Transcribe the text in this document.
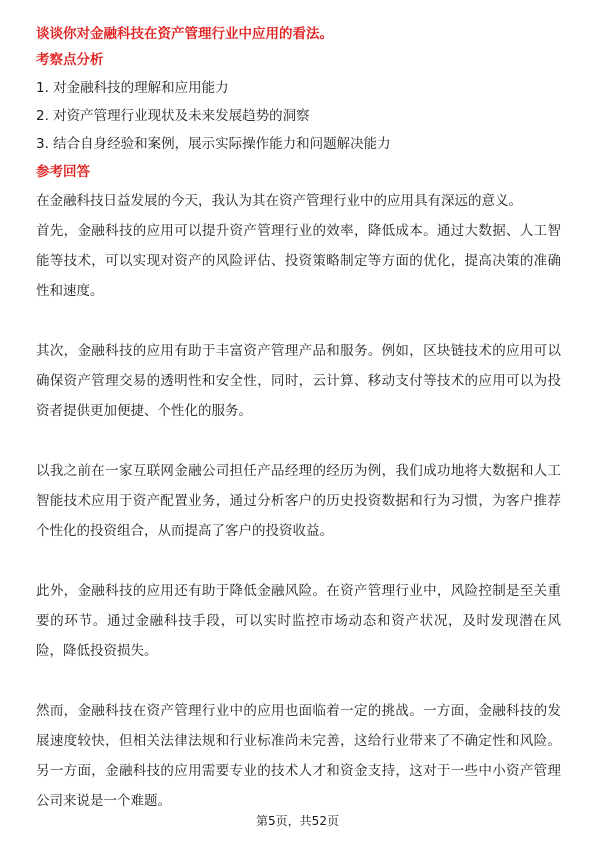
谈谈你对金融科技在资产管理行业中应用的看法。

考察点分析

1. 对金融科技的理解和应用能力
2. 对资产管理行业现状及未来发展趋势的洞察
3. 结合自身经验和案例，展示实际操作能力和问题解决能力

参考回答

在金融科技日益发展的今天，我认为其在资产管理行业中的应用具有深远的意义。

首先，金融科技的应用可以提升资产管理行业的效率，降低成本。通过大数据、人工智能等技术，可以实现对资产的风险评估、投资策略制定等方面的优化，提高决策的准确性和速度。

其次，金融科技的应用有助于丰富资产管理产品和服务。例如，区块链技术的应用可以确保资产管理交易的透明性和安全性，同时，云计算、移动支付等技术的应用可以为投资者提供更加便捷、个性化的服务。

以我之前在一家互联网金融公司担任产品经理的经历为例，我们成功地将大数据和人工智能技术应用于资产配置业务，通过分析客户的历史投资数据和行为习惯，为客户推荐个性化的投资组合，从而提高了客户的投资收益。

此外，金融科技的应用还有助于降低金融风险。在资产管理行业中，风险控制是至关重要的环节。通过金融科技手段，可以实时监控市场动态和资产状况，及时发现潜在风险，降低投资损失。

然而，金融科技在资产管理行业中的应用也面临着一定的挑战。一方面，金融科技的发展速度较快，但相关法律法规和行业标准尚未完善，这给行业带来了不确定性和风险。另一方面，金融科技的应用需要专业的技术人才和资金支持，这对于一些中小资产管理公司来说是一个难题。

第5页，共52页
